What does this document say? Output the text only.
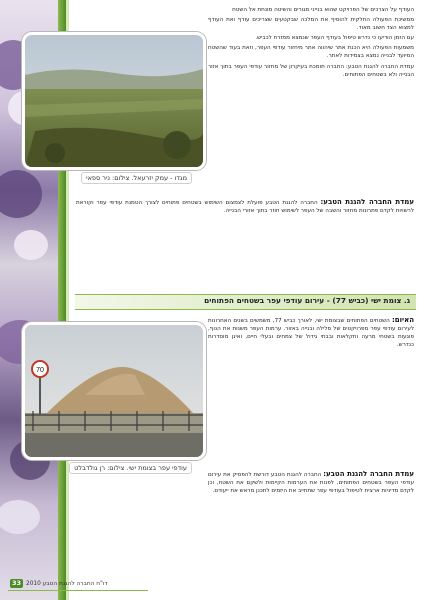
מגדו - עמק יזרעאל. צילום: ניר ספאי

העודף על הצרכים של הפרויקט שהוא בנייני מגורים והשיטה מונחת אל השטח

ממשיכת הפעולה החלקית להוסיף את המלכה שבקטעים שצריכים עודף ואת העודף למצוא הצד חשוב מאוד.

עם הזמן הודיעו כי נדרש טיפול בעודף העפר שנמצא ממזרח לכביש.

משמעות הפעולה היא הכנת אתר שיהווה אתר מיחזור עודפי העפר, וזאת בעוד שהשטח המיועד לבנייה נמצא בצמידות לאתר.

עמדת החברה להגנת הטבע: החברה תומכת בעיקרון של מחזור עודפי העפר בתוך אזור הבנייה ולא בשטחים הפתוחים.

עמדת החברה להגנת הטבע: החברה להגנת הטבע פועלת לצמצום השימוש בשטחים פתוחים לצורך הטמנת עודפי עפר וקוראת לרשויות לקדם פתרונות מחזור והשבה של העפר לשימוש חוזר בתוך אזורי הבנייה.

ג. צומת ישי (כביש 77) - עירום עודפי עפר בשטחים הפתוחים
70
עודפי עפר בצומת ישי. צילום: רן גולדבלט

האיום: השטחים הפתוחים שבצומת ישי, לאורך כביש 77, משמשים בשנים האחרונות לעירום עודפי עפר מפרויקטים של סלילה ובנייה באזור. ערמות העפר משנות את הנוף, פוגעות בשטחי מרעה וחקלאות ובבתי גידול של צמחים ובעלי חיים, ואינן מוסדרות כנדרש.

עמדת החברה להגנת הטבע: החברה להגנת הטבע דורשת להפסיק את עירום עודפי העפר בשטחים הפתוחים, לפנות את הערמות הקיימות ולשקם את השטח, וכן לקדם מדיניות ארצית לטיפול בעודפי עפר שתחייב את היזמים לתכנן מראש את ייעודם.

33 דו"ח החברה להגנת הטבע 2010
